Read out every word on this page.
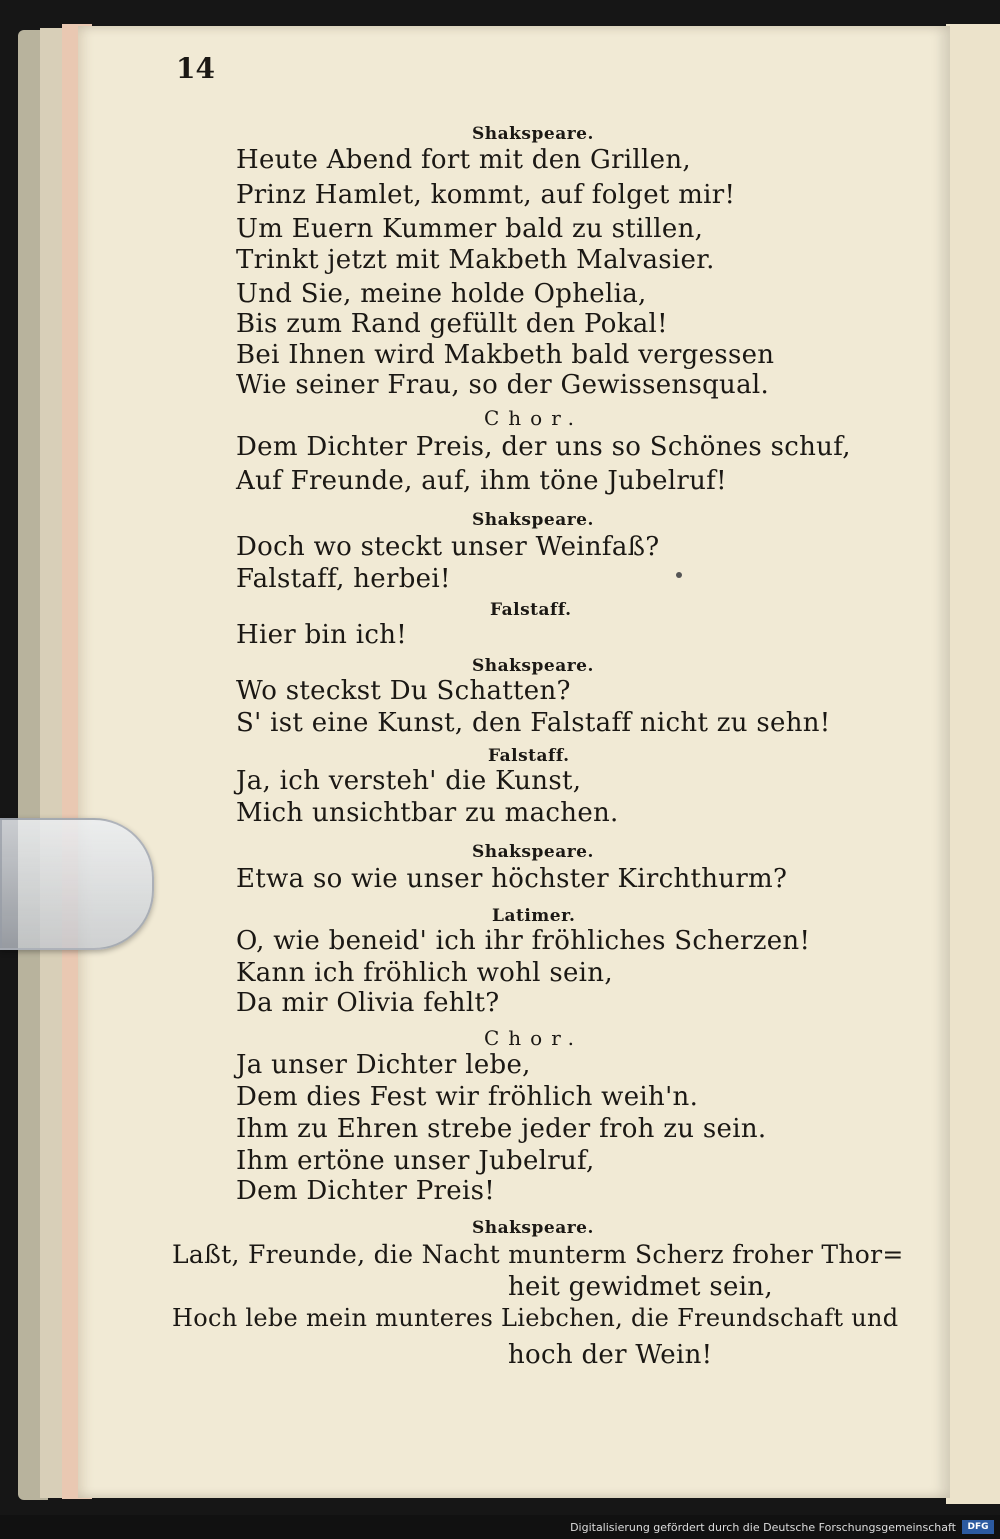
14
Shakspeare.
Heute Abend fort mit den Grillen,
Prinz Hamlet, kommt, auf folget mir!
Um Euern Kummer bald zu stillen,
Trinkt jetzt mit Makbeth Malvasier.
Und Sie, meine holde Ophelia,
Bis zum Rand gefüllt den Pokal!
Bei Ihnen wird Makbeth bald vergessen
Wie seiner Frau, so der Gewissensqual.
Chor.
Dem Dichter Preis, der uns so Schönes schuf,
Auf Freunde, auf, ihm töne Jubelruf!
Shakspeare.
Doch wo steckt unser Weinfaß?
Falstaff, herbei!
Falstaff.
Hier bin ich!
Shakspeare.
Wo steckst Du Schatten?
S' ist eine Kunst, den Falstaff nicht zu sehn!
Falstaff.
Ja, ich versteh' die Kunst,
Mich unsichtbar zu machen.
Shakspeare.
Etwa so wie unser höchster Kirchthurm?
Latimer.
O, wie beneid' ich ihr fröhliches Scherzen!
Kann ich fröhlich wohl sein,
Da mir Olivia fehlt?
Chor.
Ja unser Dichter lebe,
Dem dies Fest wir fröhlich weih'n.
Ihm zu Ehren strebe jeder froh zu sein.
Ihm ertöne unser Jubelruf,
Dem Dichter Preis!
Shakspeare.
Laßt, Freunde, die Nacht munterm Scherz froher Thor=
heit gewidmet sein,
Hoch lebe mein munteres Liebchen, die Freundschaft und
hoch der Wein!
Digitalisierung gefördert durch die Deutsche Forschungsgemeinschaft	DFG
